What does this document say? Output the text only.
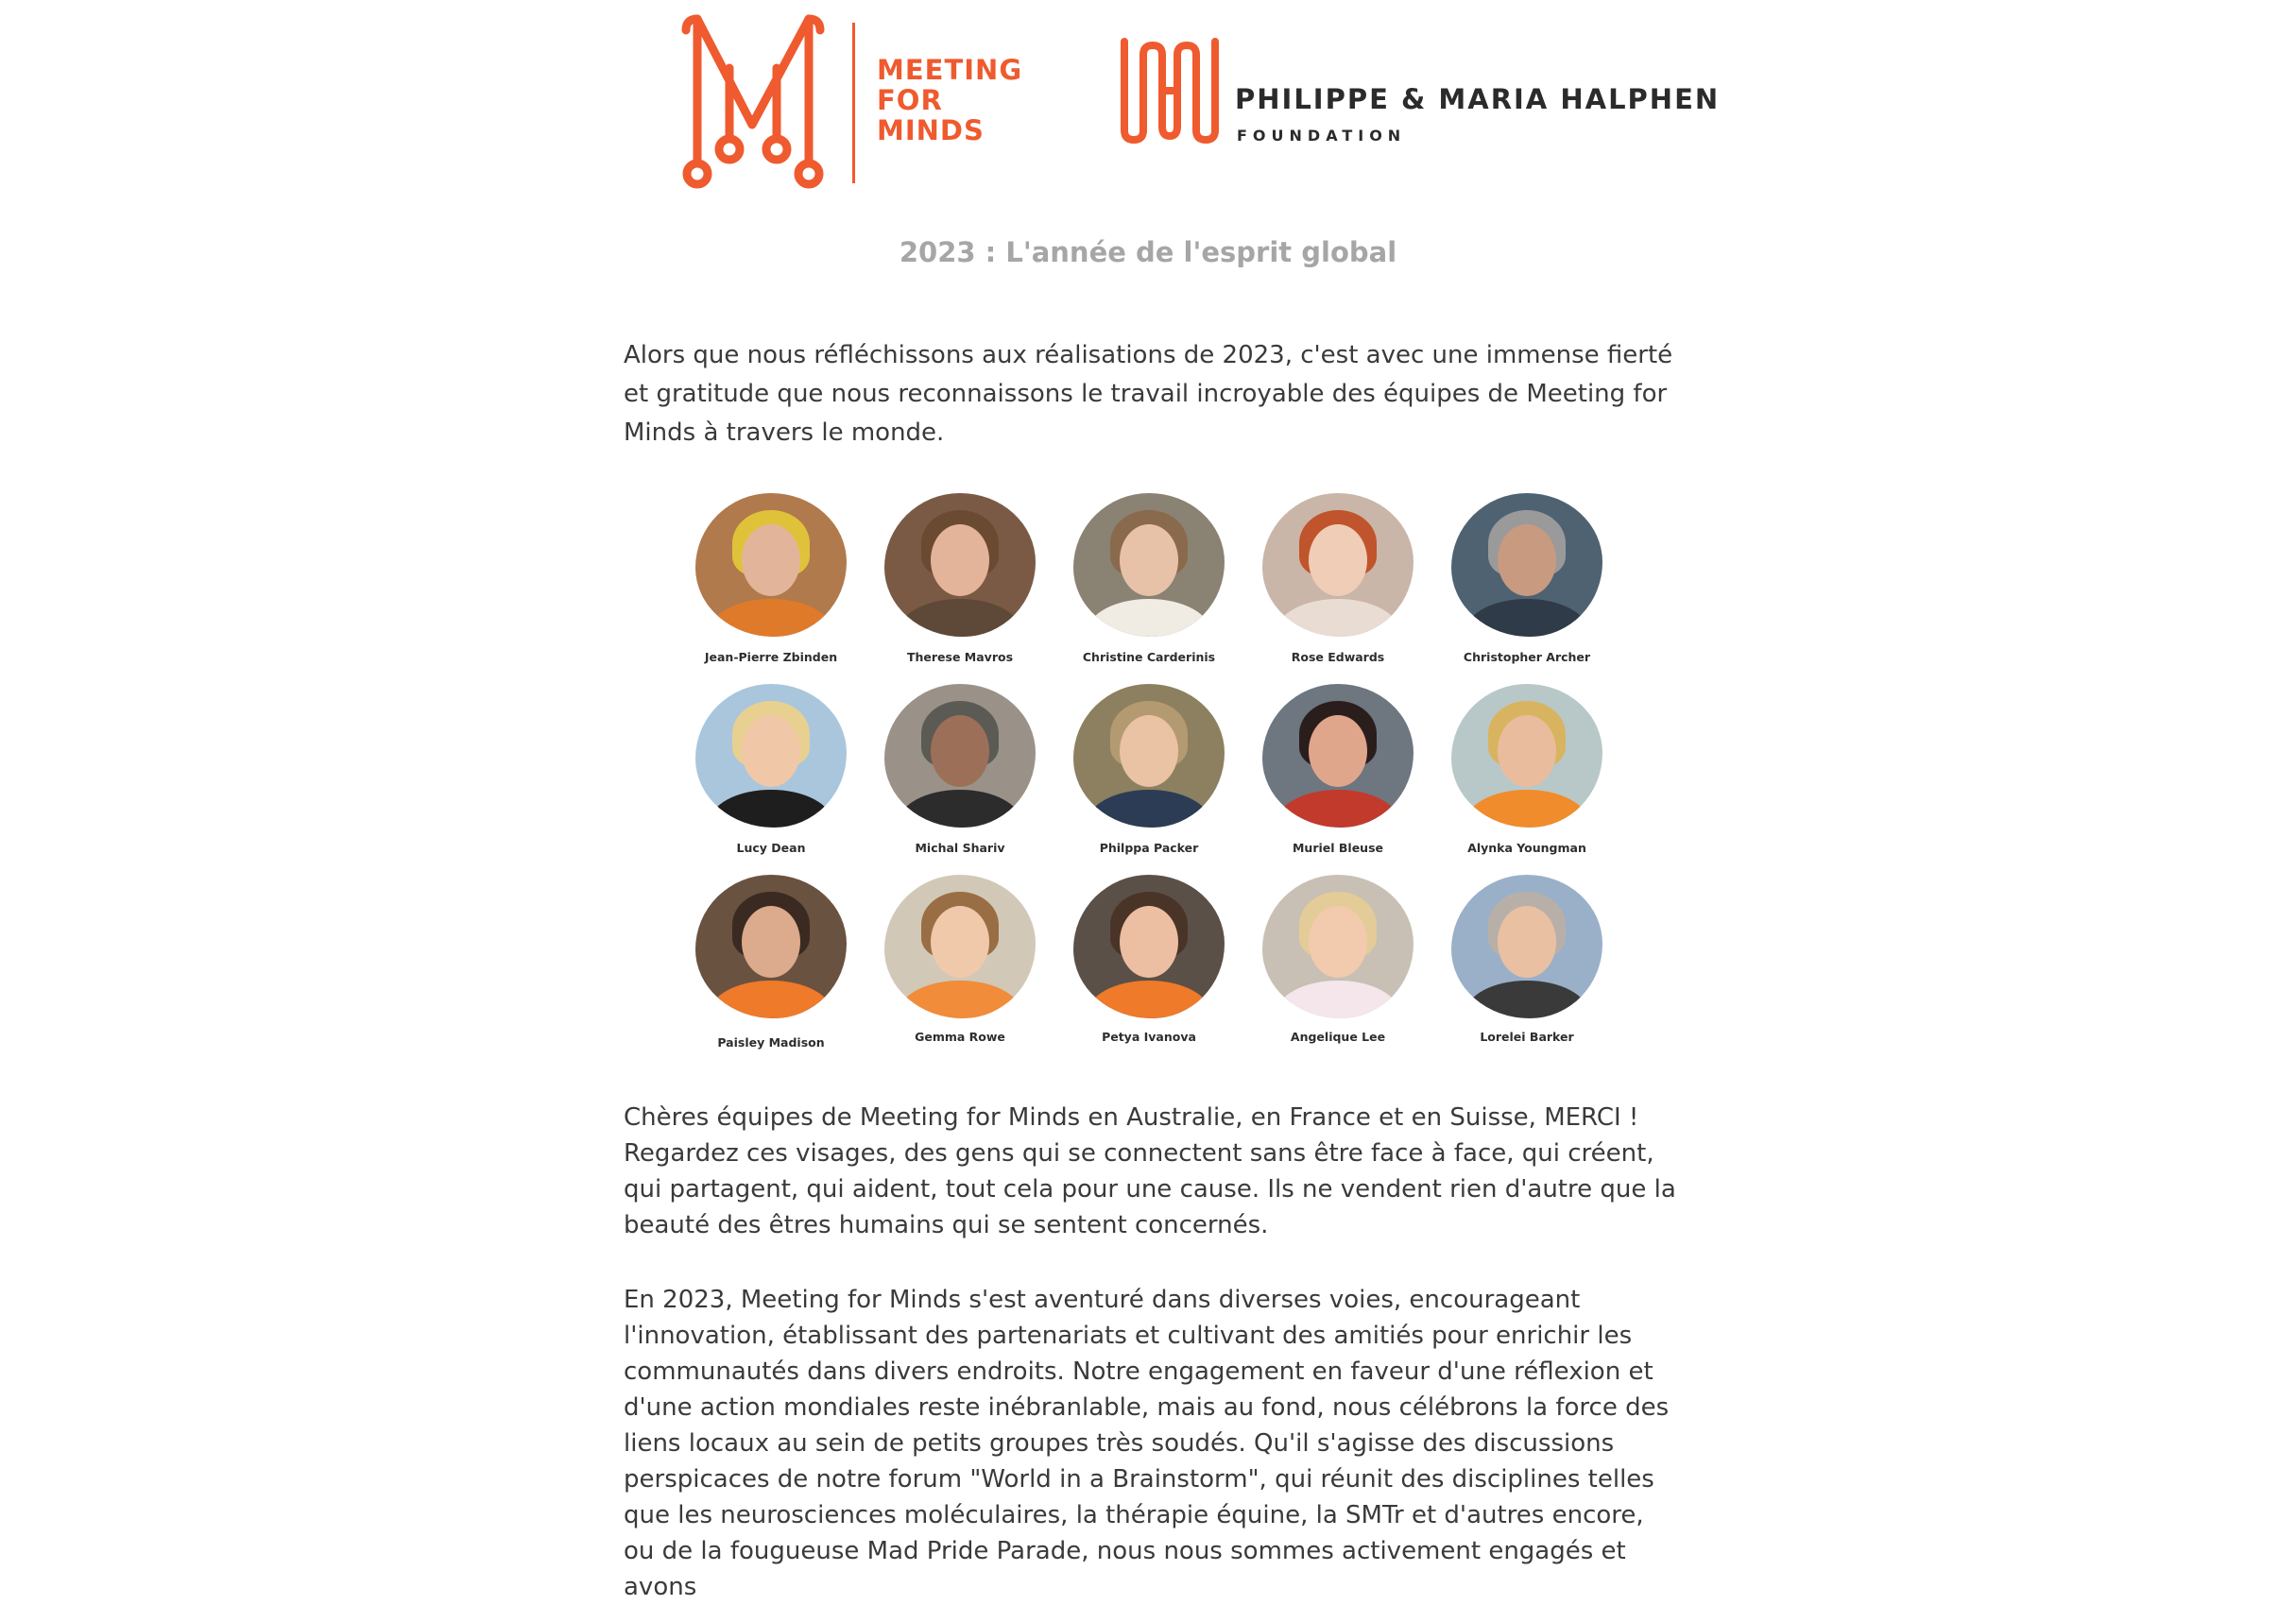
MEETING
FOR
MINDS
PHILIPPE & MARIA HALPHEN
FOUNDATION
2023 : L'année de l'esprit global

Alors que nous réfléchissons aux réalisations de 2023, c'est avec une immense fierté et gratitude que nous reconnaissons le travail incroyable des équipes de Meeting for Minds à travers le monde.

Jean-Pierre Zbinden	Therese Mavros	Christine Carderinis	Rose Edwards	Christopher Archer
Lucy Dean	Michal Shariv	Philppa Packer	Muriel Bleuse	Alynka Youngman
Paisley Madison	Gemma Rowe	Petya Ivanova	Angelique Lee	Lorelei Barker

Chères équipes de Meeting for Minds en Australie, en France et en Suisse, MERCI ! Regardez ces visages, des gens qui se connectent sans être face à face, qui créent, qui partagent, qui aident, tout cela pour une cause. Ils ne vendent rien d'autre que la beauté des êtres humains qui se sentent concernés.

En 2023, Meeting for Minds s'est aventuré dans diverses voies, encourageant l'innovation, établissant des partenariats et cultivant des amitiés pour enrichir les communautés dans divers endroits. Notre engagement en faveur d'une réflexion et d'une action mondiales reste inébranlable, mais au fond, nous célébrons la force des liens locaux au sein de petits groupes très soudés. Qu'il s'agisse des discussions perspicaces de notre forum "World in a Brainstorm", qui réunit des disciplines telles que les neurosciences moléculaires, la thérapie équine, la SMTr et d'autres encore, ou de la fougueuse Mad Pride Parade, nous nous sommes activement engagés et avons
